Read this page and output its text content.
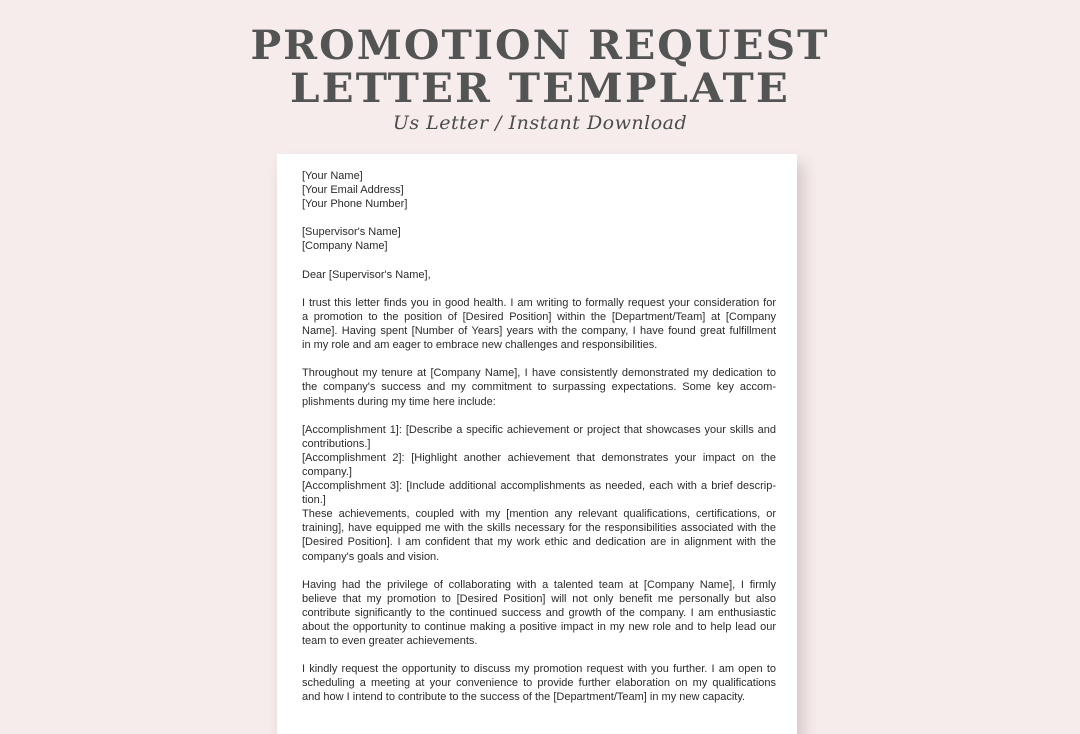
PROMOTION REQUEST
LETTER TEMPLATE
Us Letter / Instant Download
[Your Name]
[Your Email Address]
[Your Phone Number]
[Supervisor's Name]
[Company Name]
Dear [Supervisor's Name],
I trust this letter finds you in good health. I am writing to formally request your consideration for
a promotion to the position of [Desired Position] within the [Department/Team] at [Company
Name]. Having spent [Number of Years] years with the company, I have found great fulfillment
in my role and am eager to embrace new challenges and responsibilities.
Throughout my tenure at [Company Name], I have consistently demonstrated my dedication to
the company's success and my commitment to surpassing expectations. Some key accom-
plishments during my time here include:
[Accomplishment 1]: [Describe a specific achievement or project that showcases your skills and
contributions.]
[Accomplishment 2]: [Highlight another achievement that demonstrates your impact on the
company.]
[Accomplishment 3]: [Include additional accomplishments as needed, each with a brief descrip-
tion.]
These achievements, coupled with my [mention any relevant qualifications, certifications, or
training], have equipped me with the skills necessary for the responsibilities associated with the
[Desired Position]. I am confident that my work ethic and dedication are in alignment with the
company's goals and vision.
Having had the privilege of collaborating with a talented team at [Company Name], I firmly
believe that my promotion to [Desired Position] will not only benefit me personally but also
contribute significantly to the continued success and growth of the company. I am enthusiastic
about the opportunity to continue making a positive impact in my new role and to help lead our
team to even greater achievements.
I kindly request the opportunity to discuss my promotion request with you further. I am open to
scheduling a meeting at your convenience to provide further elaboration on my qualifications
and how I intend to contribute to the success of the [Department/Team] in my new capacity.
